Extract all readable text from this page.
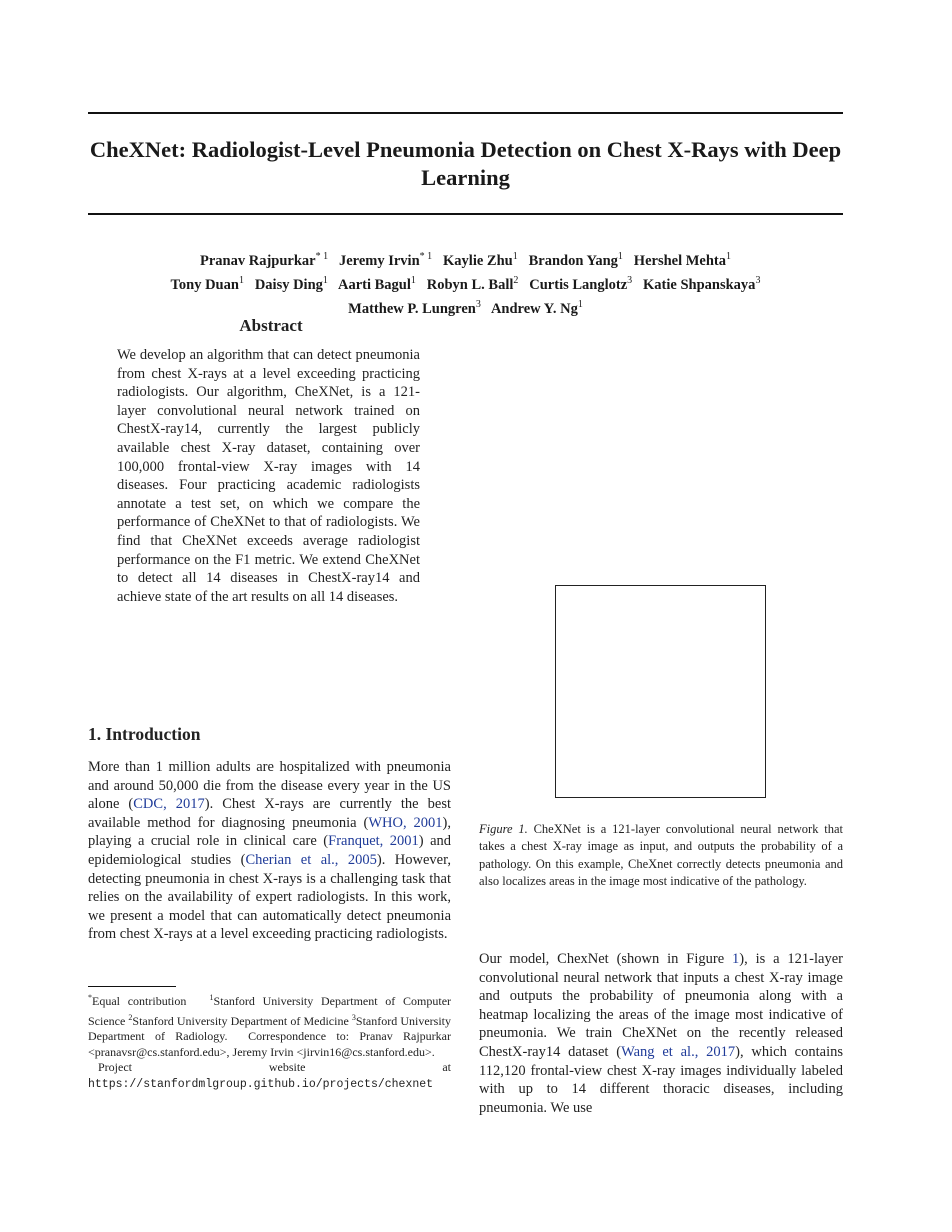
CheXNet: Radiologist-Level Pneumonia Detection on Chest X-Rays with Deep Learning
Pranav Rajpurkar$^{* 1}$ Jeremy Irvin$^{* 1}$ Kaylie Zhu$^1$ Brandon Yang$^1$ Hershel Mehta$^1$
Tony Duan$^1$ Daisy Ding$^1$ Aarti Bagul$^1$ Robyn L. Ball$^2$ Curtis Langlotz$^3$ Katie Shpanskaya$^3$
Matthew P. Lungren$^3$ Andrew Y. Ng$^1$
Abstract
We develop an algorithm that can detect pneumonia from chest X-rays at a level exceeding practicing radiologists. Our algorithm, CheXNet, is a 121-layer convolutional neural network trained on ChestX-ray14, currently the largest publicly available chest X-ray dataset, containing over 100,000 frontal-view X-ray images with 14 diseases. Four practicing academic radiologists annotate a test set, on which we compare the performance of CheXNet to that of radiologists. We find that CheXNet exceeds average radiologist performance on the F1 metric. We extend CheXNet to detect all 14 diseases in ChestX-ray14 and achieve state of the art results on all 14 diseases.
1. Introduction
More than 1 million adults are hospitalized with pneumonia and around 50,000 die from the disease every year in the US alone (CDC, 2017). Chest X-rays are currently the best available method for diagnosing pneumonia (WHO, 2001), playing a crucial role in clinical care (Franquet, 2001) and epidemiological studies (Cherian et al., 2005). However, detecting pneumonia in chest X-rays is a challenging task that relies on the availability of expert radiologists. In this work, we present a model that can automatically detect pneumonia from chest X-rays at a level exceeding practicing radiologists.

*Equal contribution	$^1$Stanford University Department of Computer Science $^2$Stanford University Department of Medicine $^3$Stanford University Department of Radiology. Correspondence to: Pranav Rajpurkar <pranavsr@cs.stanford.edu>, Jeremy Irvin <jirvin16@cs.stanford.edu>.

Project website at https://stanfordmlgroup.github.io/projects/chexnet

Figure 1. CheXNet is a 121-layer convolutional neural network that takes a chest X-ray image as input, and outputs the probability of a pathology. On this example, CheXnet correctly detects pneumonia and also localizes areas in the image most indicative of the pathology.
Our model, ChexNet (shown in Figure 1), is a 121-layer convolutional neural network that inputs a chest X-ray image and outputs the probability of pneumonia along with a heatmap localizing the areas of the image most indicative of pneumonia. We train CheXNet on the recently released ChestX-ray14 dataset (Wang et al., 2017), which contains 112,120 frontal-view chest X-ray images individually labeled with up to 14 different thoracic diseases, including pneumonia. We use
